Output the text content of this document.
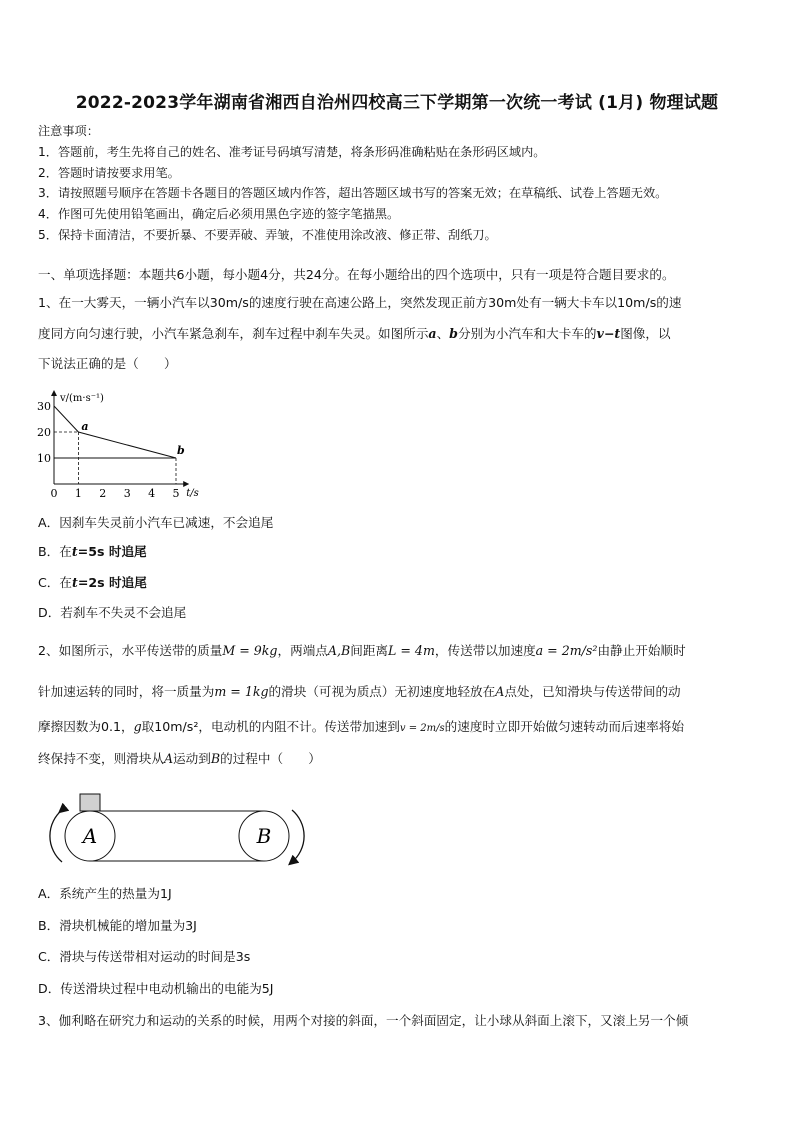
2022-2023学年湖南省湘西自治州四校高三下学期第一次统一考试 (1月) 物理试题
注意事项：
1．答题前，考生先将自己的姓名、准考证号码填写清楚，将条形码准确粘贴在条形码区域内。
2．答题时请按要求用笔。
3．请按照题号顺序在答题卡各题目的答题区域内作答，超出答题区域书写的答案无效；在草稿纸、试卷上答题无效。
4．作图可先使用铅笔画出，确定后必须用黑色字迹的签字笔描黑。
5．保持卡面清洁，不要折暴、不要弄破、弄皱，不准使用涂改液、修正带、刮纸刀。
一、单项选择题：本题共6小题，每小题4分，共24分。在每小题给出的四个选项中，只有一项是符合题目要求的。
1、在一大雾天，一辆小汽车以30m/s的速度行驶在高速公路上，突然发现正前方30m处有一辆大卡车以10m/s的速
度同方向匀速行驶，小汽车紧急刹车，刹车过程中刹车失灵。如图所示a、b分别为小汽车和大卡车的v−t图像，以
下说法正确的是（　　）
t/s
v/(m·s⁻¹)
0 1 2 3 4 5
10
20
30
a
b
A．因刹车失灵前小汽车已减速，不会追尾
B．在t=5s 时追尾
C．在t=2s 时追尾
D．若刹车不失灵不会追尾
2、如图所示，水平传送带的质量M = 9kg，两端点A,B间距离L = 4m，传送带以加速度a = 2m/s²由静止开始顺时
针加速运转的同时，将一质量为m = 1kg的滑块（可视为质点）无初速度地轻放在A点处，已知滑块与传送带间的动
摩擦因数为0.1，g取10m/s²，电动机的内阻不计。传送带加速到v = 2m/s的速度时立即开始做匀速转动而后速率将始
终保持不变，则滑块从A运动到B的过程中（　　）
A	B
A．系统产生的热量为1J
B．滑块机械能的增加量为3J
C．滑块与传送带相对运动的时间是3s
D．传送滑块过程中电动机输出的电能为5J
3、伽利略在研究力和运动的关系的时候，用两个对接的斜面，一个斜面固定，让小球从斜面上滚下，又滚上另一个倾
